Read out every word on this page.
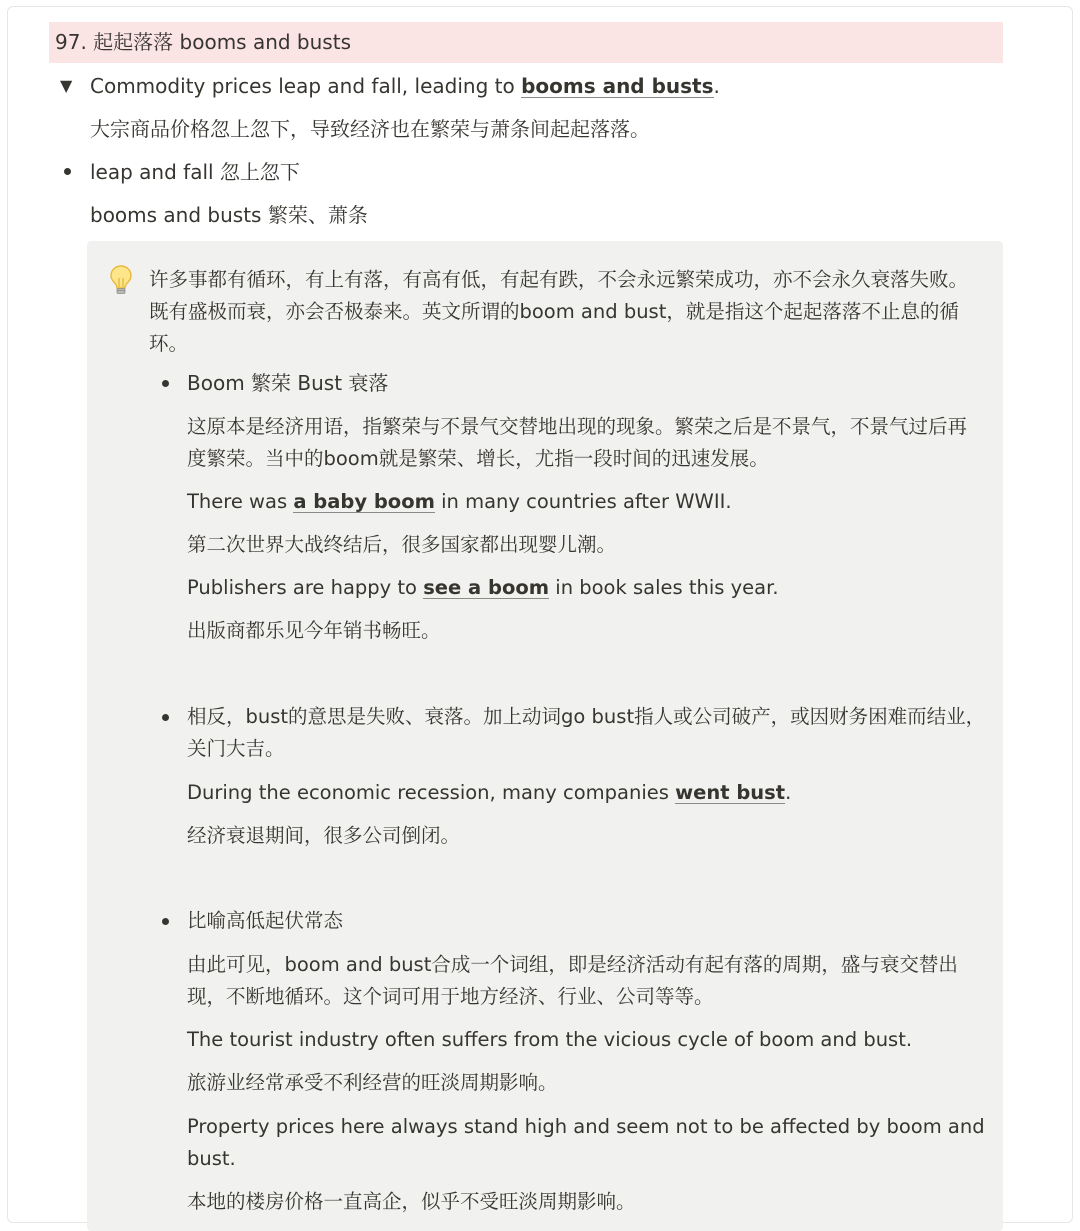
97. 起起落落 booms and busts
▼ Commodity prices leap and fall, leading to booms and busts.
大宗商品价格忽上忽下，导致经济也在繁荣与萧条间起起落落。
leap and fall 忽上忽下
booms and busts 繁荣、萧条
许多事都有循环，有上有落，有高有低，有起有跌，不会永远繁荣成功，亦不会永久衰落失败。既有盛极而衰，亦会否极泰来。英文所谓的boom and bust，就是指这个起起落落不止息的循环。
Boom 繁荣 Bust 衰落
这原本是经济用语，指繁荣与不景气交替地出现的现象。繁荣之后是不景气，不景气过后再度繁荣。当中的boom就是繁荣、增长，尤指一段时间的迅速发展。
There was a baby boom in many countries after WWII.
第二次世界大战终结后，很多国家都出现婴儿潮。
Publishers are happy to see a boom in book sales this year.
出版商都乐见今年销书畅旺。
相反，bust的意思是失败、衰落。加上动词go bust指人或公司破产，或因财务困难而结业，关门大吉。
During the economic recession, many companies went bust.
经济衰退期间，很多公司倒闭。
比喻高低起伏常态
由此可见，boom and bust合成一个词组，即是经济活动有起有落的周期，盛与衰交替出现，不断地循环。这个词可用于地方经济、行业、公司等等。
The tourist industry often suffers from the vicious cycle of boom and bust.
旅游业经常承受不利经营的旺淡周期影响。
Property prices here always stand high and seem not to be affected by boom and bust.
本地的楼房价格一直高企，似乎不受旺淡周期影响。
